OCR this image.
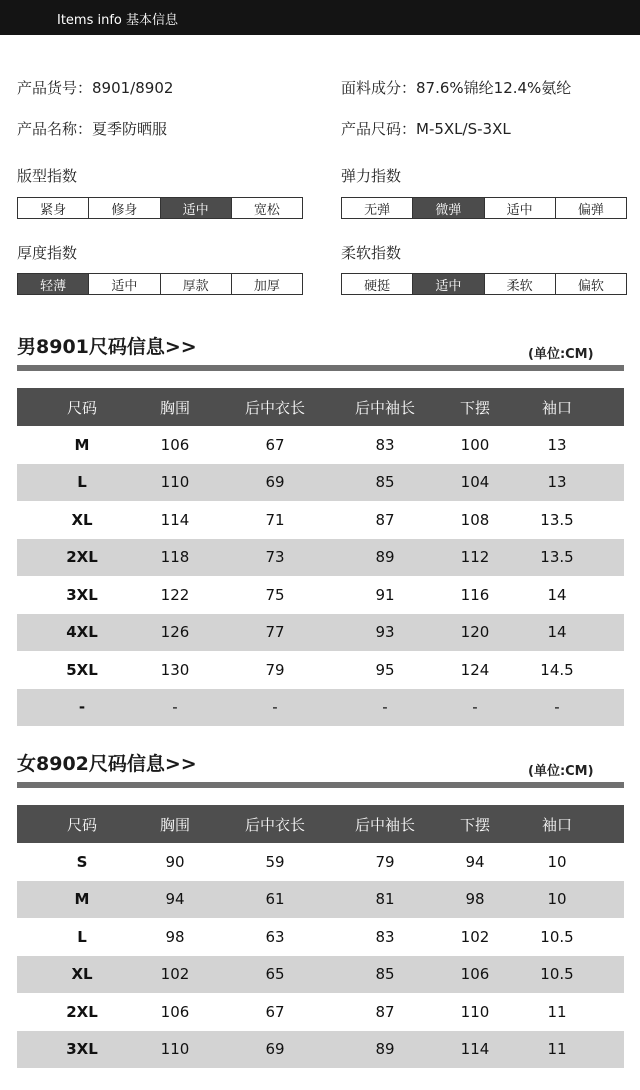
Items info 基本信息
产品货号：8901/8902	面料成分：87.6%锦纶12.4%氨纶
产品名称：夏季防晒服	产品尺码：M-5XL/S-3XL
版型指数
紧身	修身	适中	宽松
弹力指数
无弹	微弹	适中	偏弹
厚度指数
轻薄	适中	厚款	加厚
柔软指数
硬挺	适中	柔软	偏软
男8901尺码信息>>	(单位:CM)
尺码	胸围	后中衣长	后中袖长	下摆	袖口
M	106	67	83	100	13
L	110	69	85	104	13
XL	114	71	87	108	13.5
2XL	118	73	89	112	13.5
3XL	122	75	91	116	14
4XL	126	77	93	120	14
5XL	130	79	95	124	14.5
-	-	-	-	-	-
女8902尺码信息>>	(单位:CM)
尺码	胸围	后中衣长	后中袖长	下摆	袖口
S	90	59	79	94	10
M	94	61	81	98	10
L	98	63	83	102	10.5
XL	102	65	85	106	10.5
2XL	106	67	87	110	11
3XL	110	69	89	114	11
